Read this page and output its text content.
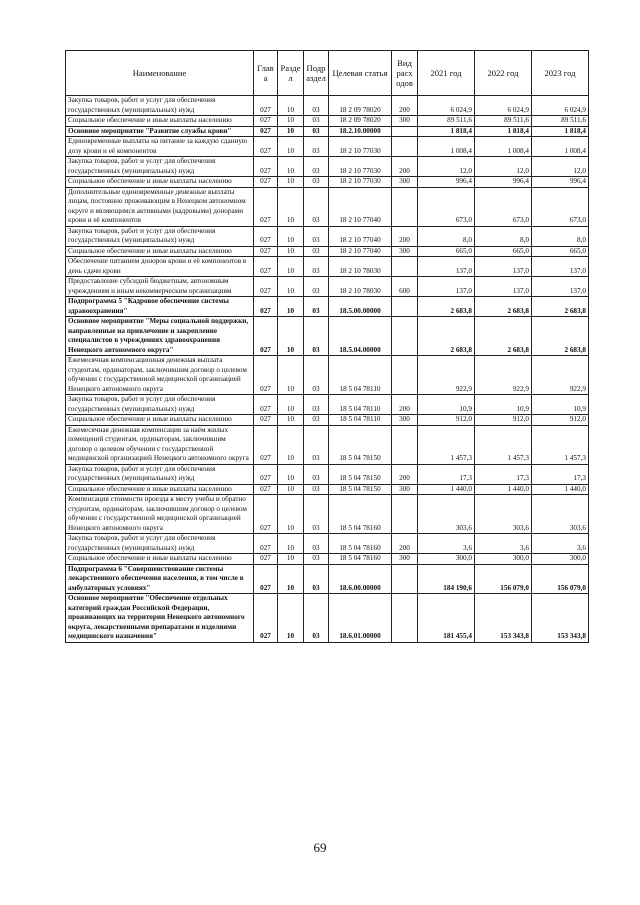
Наименование	Глав а	Разде л	Подр аздел	Целевая статья	Вид расх одов	2021 год	2022 год	2023 год
Закупка товаров, работ и услуг для обеспечения государственных (муниципальных) нужд	027	10	03	18 2 09 78020	200	6 024,9	6 024,9	6 024,9
Социальное обеспечение и иные выплаты населению	027	10	03	18 2 09 78020	300	89 511,6	89 511,6	89 511,6
Основное мероприятие "Развитие службы крови"	027	10	03	18.2.10.00000		1 818,4	1 818,4	1 818,4
Единовременные выплаты на питание за каждую сданную дозу крови и её компонентов	027	10	03	18 2 10 77030		1 008,4	1 008,4	1 008,4
Закупка товаров, работ и услуг для обеспечения государственных (муниципальных) нужд	027	10	03	18 2 10 77030	200	12,0	12,0	12,0
Социальное обеспечение и иные выплаты населению	027	10	03	18 2 10 77030	300	996,4	996,4	996,4
Дополнительные единовременные денежные выплаты лицам, постоянно проживающим в Ненецком автономном округе и являющимся активными (кадровыми) донорами крови и её компонентов	027	10	03	18 2 10 77040		673,0	673,0	673,0
Закупка товаров, работ и услуг для обеспечения государственных (муниципальных) нужд	027	10	03	18 2 10 77040	200	8,0	8,0	8,0
Социальное обеспечение и иные выплаты населению	027	10	03	18 2 10 77040	300	665,0	665,0	665,0
Обеспечение питанием доноров крови и её компонентов в день сдачи крови	027	10	03	18 2 10 78030		137,0	137,0	137,0
Предоставление субсидий бюджетным, автономным учреждениям и иным некоммерческим организациям	027	10	03	18 2 10 78030	600	137,0	137,0	137,0
Подпрограмма 5 "Кадровое обеспечение системы здравоохранения"	027	10	03	18.5.00.00000		2 683,8	2 683,8	2 683,8
Основное мероприятие "Меры социальной поддержки, направленные на привлечение и закрепление специалистов в учреждениях здравоохранения Ненецкого автономного округа"	027	10	03	18.5.04.00000		2 683,8	2 683,8	2 683,8
Ежемесячная компенсационная денежная выплата студентам, ординаторам, заключившим договор о целевом обучении с государственной медицинской организацией Ненецкого автономного округа	027	10	03	18 5 04 78110		922,9	922,9	922,9
Закупка товаров, работ и услуг для обеспечения государственных (муниципальных) нужд	027	10	03	18 5 04 78110	200	10,9	10,9	10,9
Социальное обеспечение и иные выплаты населению	027	10	03	18 5 04 78110	300	912,0	912,0	912,0
Ежемесячная денежная компенсация за наём жилых помещений студентам, ординаторам, заключившим договор о целевом обучении с государственной медицинской организацией Ненецкого автономного округа	027	10	03	18 5 04 78150		1 457,3	1 457,3	1 457,3
Закупка товаров, работ и услуг для обеспечения государственных (муниципальных) нужд	027	10	03	18 5 04 78150	200	17,3	17,3	17,3
Социальное обеспечение и иные выплаты населению	027	10	03	18 5 04 78150	300	1 440,0	1 440,0	1 440,0
Компенсация стоимости проезда к месту учебы и обратно студентам, ординаторам, заключившим договор о целевом обучении с государственной медицинской организацией Ненецкого автономного округа	027	10	03	18 5 04 78160		303,6	303,6	303,6
Закупка товаров, работ и услуг для обеспечения государственных (муниципальных) нужд	027	10	03	18 5 04 78160	200	3,6	3,6	3,6
Социальное обеспечение и иные выплаты населению	027	10	03	18 5 04 78160	300	300,0	300,0	300,0
Подпрограмма 6 "Совершенствование системы лекарственного обеспечения населения, в том числе в амбулаторных условиях"	027	10	03	18.6.00.00000		184 190,6	156 079,0	156 079,0
Основное мероприятие "Обеспечение отдельных категорий граждан Российской Федерации, проживающих на территории Ненецкого автономного округа, лекарственными препаратами и изделиями медицинского назначения"	027	10	03	18.6.01.00000		181 455,4	153 343,8	153 343,8
69
